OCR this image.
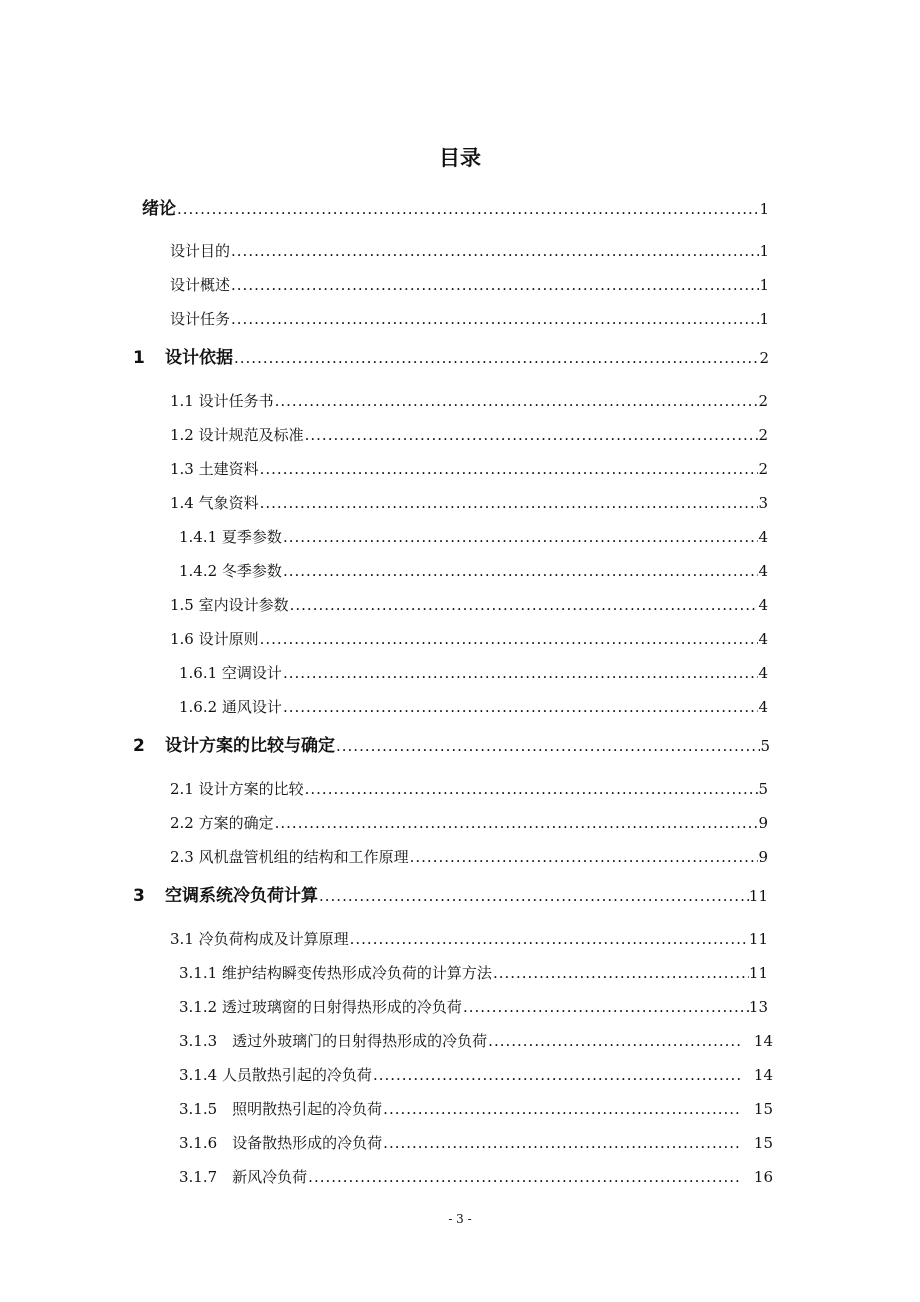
目录
绪论 .....	1
设计目的 .....	1
设计概述 .....	1
设计任务 .....	1
1	设计依据 .....	2
1.1 设计任务书 .....	2
1.2 设计规范及标准 .....	2
1.3 土建资料 .....	2
1.4 气象资料 .....	3
1.4.1 夏季参数 .....	4
1.4.2 冬季参数 .....	4
1.5 室内设计参数 .....	4
1.6 设计原则 .....	4
1.6.1 空调设计 .....	4
1.6.2 通风设计 .....	4
2	设计方案的比较与确定 .....	5
2.1 设计方案的比较 .....	5
2.2 方案的确定 .....	9
2.3 风机盘管机组的结构和工作原理 .....	9
3	空调系统冷负荷计算 .....	11
3.1 冷负荷构成及计算原理 .....	11
3.1.1 维护结构瞬变传热形成冷负荷的计算方法 .....	11
3.1.2 透过玻璃窗的日射得热形成的冷负荷 .....	13
3.1.3　透过外玻璃门的日射得热形成的冷负荷 .....	14
3.1.4 人员散热引起的冷负荷 .....	14
3.1.5　照明散热引起的冷负荷 .....	15
3.1.6　设备散热形成的冷负荷 .....	15
3.1.7　新风冷负荷 .....	16
- 3 -
